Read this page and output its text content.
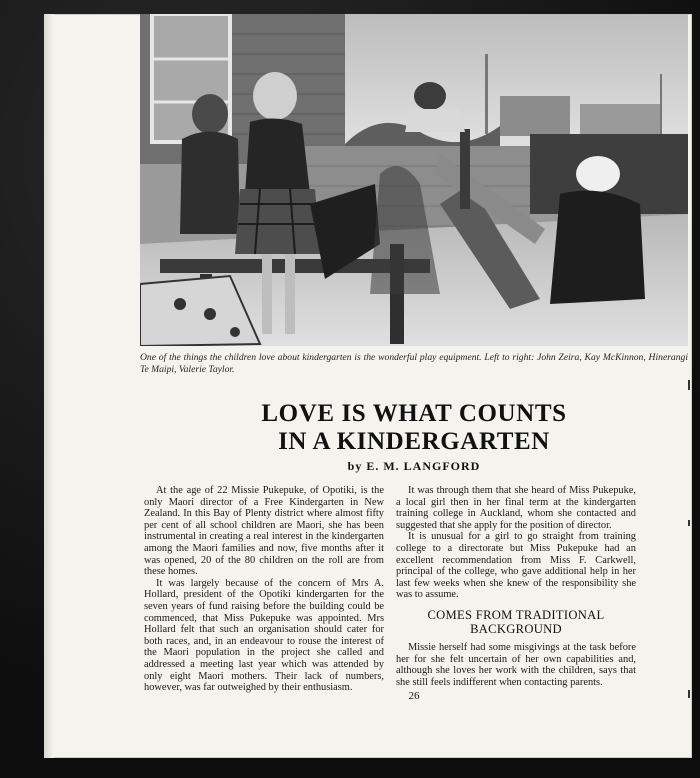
One of the things the children love about kindergarten is the wonderful play equipment. Left to right: John Zeira, Kay McKinnon, Hinerangi Te Maipi, Valerie Taylor.
LOVE IS WHAT COUNTS
IN A KINDERGARTEN
by E. M. LANGFORD

At the age of 22 Missie Pukepuke, of Opotiki, is the only Maori director of a Free Kindergarten in New Zealand. In this Bay of Plenty district where almost fifty per cent of all school children are Maori, she has been instrumental in creating a real interest in the kindergarten among the Maori families and now, five months after it was opened, 20 of the 80 children on the roll are from these homes.

It was largely because of the concern of Mrs A. Hollard, president of the Opotiki kindergarten for the seven years of fund raising before the building could be commenced, that Miss Pukepuke was appointed. Mrs Hollard felt that such an organisation should cater for both races, and, in an endeavour to rouse the interest of the Maori population in the project she called and addressed a meeting last year which was attended by only eight Maori mothers. Their lack of numbers, however, was far outweighed by their enthusiasm.

It was through them that she heard of Miss Pukepuke, a local girl then in her final term at the kindergarten training college in Auckland, whom she contacted and suggested that she apply for the position of director.

It is unusual for a girl to go straight from training college to a directorate but Miss Pukepuke had an excellent recommendation from Miss F. Carkwell, principal of the college, who gave additional help in her last few weeks when she knew of the responsibility she was to assume.

COMES FROM TRADITIONAL
BACKGROUND

Missie herself had some misgivings at the task before her for she felt uncertain of her own capabilities and, although she loves her work with the children, says that she still feels indifferent when contacting parents.

26
